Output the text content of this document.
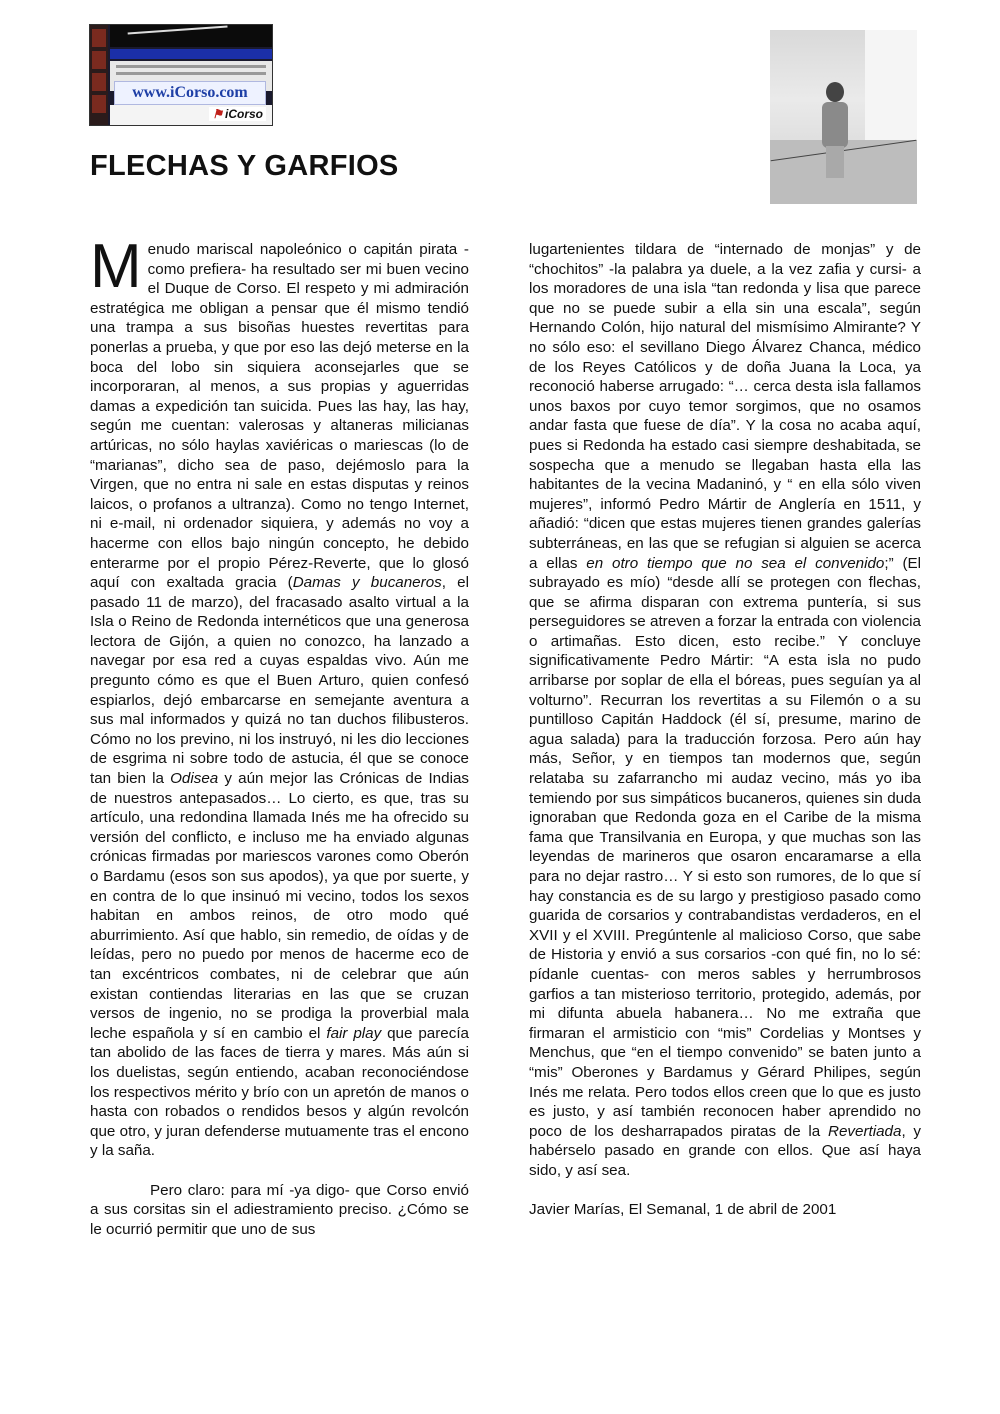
www.iCorso.com
⚑ iCorso
FLECHAS Y GARFIOS

Menudo mariscal napoleónico o capitán pirata -como prefiera- ha resultado ser mi buen vecino el Duque de Corso. El respeto y mi admiración estratégica me obligan a pensar que él mismo tendió una trampa a sus bisoñas huestes revertitas para ponerlas a prueba, y que por eso las dejó meterse en la boca del lobo sin siquiera aconsejarles que se incorporaran, al menos, a sus propias y aguerridas damas a expedición tan suicida. Pues las hay, las hay, según me cuentan: valerosas y altaneras milicianas artúricas, no sólo haylas xaviéricas o mariescas (lo de “marianas”, dicho sea de paso, dejémoslo para la Virgen, que no entra ni sale en estas disputas y reinos laicos, o profanos a ultranza). Como no tengo Internet, ni e-mail, ni ordenador siquiera, y además no voy a hacerme con ellos bajo ningún concepto, he debido enterarme por el propio Pérez-Reverte, que lo glosó aquí con exaltada gracia (Damas y bucaneros, el pasado 11 de marzo), del fracasado asalto virtual a la Isla o Reino de Redonda internéticos que una generosa lectora de Gijón, a quien no conozco, ha lanzado a navegar por esa red a cuyas espaldas vivo. Aún me pregunto cómo es que el Buen Arturo, quien confesó espiarlos, dejó embarcarse en semejante aventura a sus mal informados y quizá no tan duchos filibusteros. Cómo no los previno, ni los instruyó, ni les dio lecciones de esgrima ni sobre todo de astucia, él que se conoce tan bien la Odisea y aún mejor las Crónicas de Indias de nuestros antepasados… Lo cierto, es que, tras su artículo, una redondina llamada Inés me ha ofrecido su versión del conflicto, e incluso me ha enviado algunas crónicas firmadas por mariescos varones como Oberón o Bardamu (esos son sus apodos), ya que por suerte, y en contra de lo que insinuó mi vecino, todos los sexos habitan en ambos reinos, de otro modo qué aburrimiento. Así que hablo, sin remedio, de oídas y de leídas, pero no puedo por menos de hacerme eco de tan excéntricos combates, ni de celebrar que aún existan contiendas literarias en las que se cruzan versos de ingenio, no se prodiga la proverbial mala leche española y sí en cambio el fair play que parecía tan abolido de las faces de tierra y mares. Más aún si los duelistas, según entiendo, acaban reconociéndose los respectivos mérito y brío con un apretón de manos o hasta con robados o rendidos besos y algún revolcón que otro, y juran defenderse mutuamente tras el encono y la saña.

Pero claro: para mí -ya digo- que Corso envió a sus corsitas sin el adiestramiento preciso. ¿Cómo se le ocurrió permitir que uno de sus

lugartenientes tildara de “internado de monjas” y de “chochitos” -la palabra ya duele, a la vez zafia y cursi- a los moradores de una isla “tan redonda y lisa que parece que no se puede subir a ella sin una escala”, según Hernando Colón, hijo natural del mismísimo Almirante? Y no sólo eso: el sevillano Diego Álvarez Chanca, médico de los Reyes Católicos y de doña Juana la Loca, ya reconoció haberse arrugado: “… cerca desta isla fallamos unos baxos por cuyo temor sorgimos, que no osamos andar fasta que fuese de día”. Y la cosa no acaba aquí, pues si Redonda ha estado casi siempre deshabitada, se sospecha que a menudo se llegaban hasta ella las habitantes de la vecina Madaninó, y “ en ella sólo viven mujeres”, informó Pedro Mártir de Anglería en 1511, y añadió: “dicen que estas mujeres tienen grandes galerías subterráneas, en las que se refugian si alguien se acerca a ellas en otro tiempo que no sea el convenido;” (El subrayado es mío) “desde allí se protegen con flechas, que se afirma disparan con extrema puntería, si sus perseguidores se atreven a forzar la entrada con violencia o artimañas. Esto dicen, esto recibe.” Y concluye significativamente Pedro Mártir: “A esta isla no pudo arribarse por soplar de ella el bóreas, pues seguían ya al volturno”. Recurran los revertitas a su Filemón o a su puntilloso Capitán Haddock (él sí, presume, marino de agua salada) para la traducción forzosa. Pero aún hay más, Señor, y en tiempos tan modernos que, según relataba su zafarrancho mi audaz vecino, más yo iba temiendo por sus simpáticos bucaneros, quienes sin duda ignoraban que Redonda goza en el Caribe de la misma fama que Transilvania en Europa, y que muchas son las leyendas de marineros que osaron encaramarse a ella para no dejar rastro… Y si esto son rumores, de lo que sí hay constancia es de su largo y prestigioso pasado como guarida de corsarios y contrabandistas verdaderos, en el XVII y el XVIII. Pregúntenle al malicioso Corso, que sabe de Historia y envió a sus corsarios -con qué fin, no lo sé: pídanle cuentas- con meros sables y herrumbrosos garfios a tan misterioso territorio, protegido, además, por mi difunta abuela habanera… No me extraña que firmaran el armisticio con “mis” Cordelias y Montses y Menchus, que “en el tiempo convenido” se baten junto a “mis” Oberones y Bardamus y Gérard Philipes, según Inés me relata. Pero todos ellos creen que lo que es justo es justo, y así también reconocen haber aprendido no poco de los desharrapados piratas de la Revertiada, y habérselo pasado en grande con ellos. Que así haya sido, y así sea.

Javier Marías, El Semanal, 1 de abril de 2001
